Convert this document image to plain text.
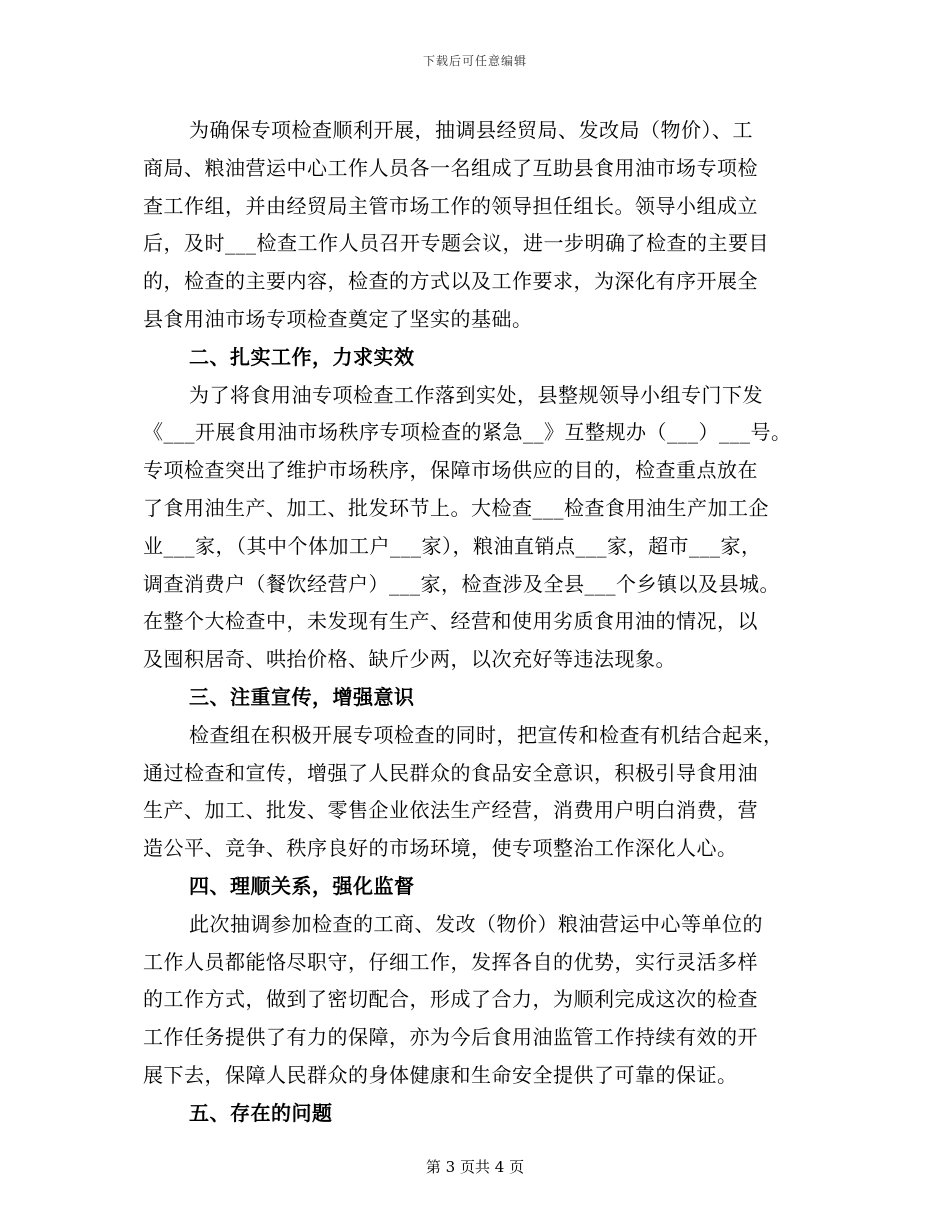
下载后可任意编辑
为确保专项检查顺利开展，抽调县经贸局、发改局（物价）、工
商局、粮油营运中心工作人员各一名组成了互助县食用油市场专项检
查工作组，并由经贸局主管市场工作的领导担任组长。领导小组成立
后，及时___检查工作人员召开专题会议，进一步明确了检查的主要目
的，检查的主要内容，检查的方式以及工作要求，为深化有序开展全
县食用油市场专项检查奠定了坚实的基础。
二、扎实工作，力求实效
为了将食用油专项检查工作落到实处，县整规领导小组专门下发
《___开展食用油市场秩序专项检查的紧急__》互整规办（___）___号。
专项检查突出了维护市场秩序，保障市场供应的目的，检查重点放在
了食用油生产、加工、批发环节上。大检查___检查食用油生产加工企
业___家，（其中个体加工户___家），粮油直销点___家，超市___家，
调查消费户（餐饮经营户）___家，检查涉及全县___个乡镇以及县城。
在整个大检查中，未发现有生产、经营和使用劣质食用油的情况，以
及囤积居奇、哄抬价格、缺斤少两，以次充好等违法现象。
三、注重宣传，增强意识
检查组在积极开展专项检查的同时，把宣传和检查有机结合起来，
通过检查和宣传，增强了人民群众的食品安全意识，积极引导食用油
生产、加工、批发、零售企业依法生产经营，消费用户明白消费，营
造公平、竞争、秩序良好的市场环境，使专项整治工作深化人心。
四、理顺关系，强化监督
此次抽调参加检查的工商、发改（物价）粮油营运中心等单位的
工作人员都能恪尽职守，仔细工作，发挥各自的优势，实行灵活多样
的工作方式，做到了密切配合，形成了合力，为顺利完成这次的检查
工作任务提供了有力的保障，亦为今后食用油监管工作持续有效的开
展下去，保障人民群众的身体健康和生命安全提供了可靠的保证。
五、存在的问题
第 3 页共 4 页
